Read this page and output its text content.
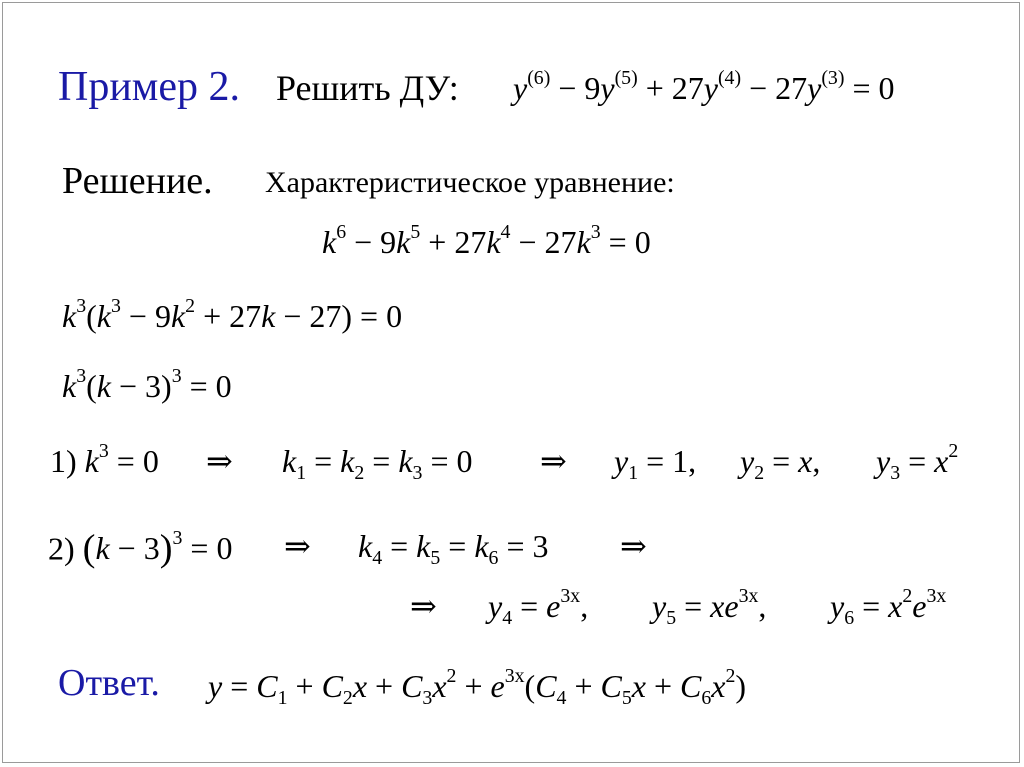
Пример 2. Решить ДУ: $y^{(6)} - 9y^{(5)} + 27y^{(4)} - 27y^{(3)} = 0$
Решение. Характеристическое уравнение:
$k^6 - 9k^5 + 27k^4 - 27k^3 = 0$
$k^3(k^3 - 9k^2 + 27k - 27) = 0$
$k^3(k - 3)^3 = 0$
1) $k^3 = 0$ ⇒ $k_1 = k_2 = k_3 = 0$ ⇒ $y_1 = 1$, $y_2 = x$, $y_3 = x^2$
2) $(k - 3)^3 = 0$ ⇒ $k_4 = k_5 = k_6 = 3$ ⇒
⇒ $y_4 = e^{3x}$, $y_5 = xe^{3x}$, $y_6 = x^2e^{3x}$
Ответ. $y = C_1 + C_2x + C_3x^2 + e^{3x}(C_4 + C_5x + C_6x^2)$
